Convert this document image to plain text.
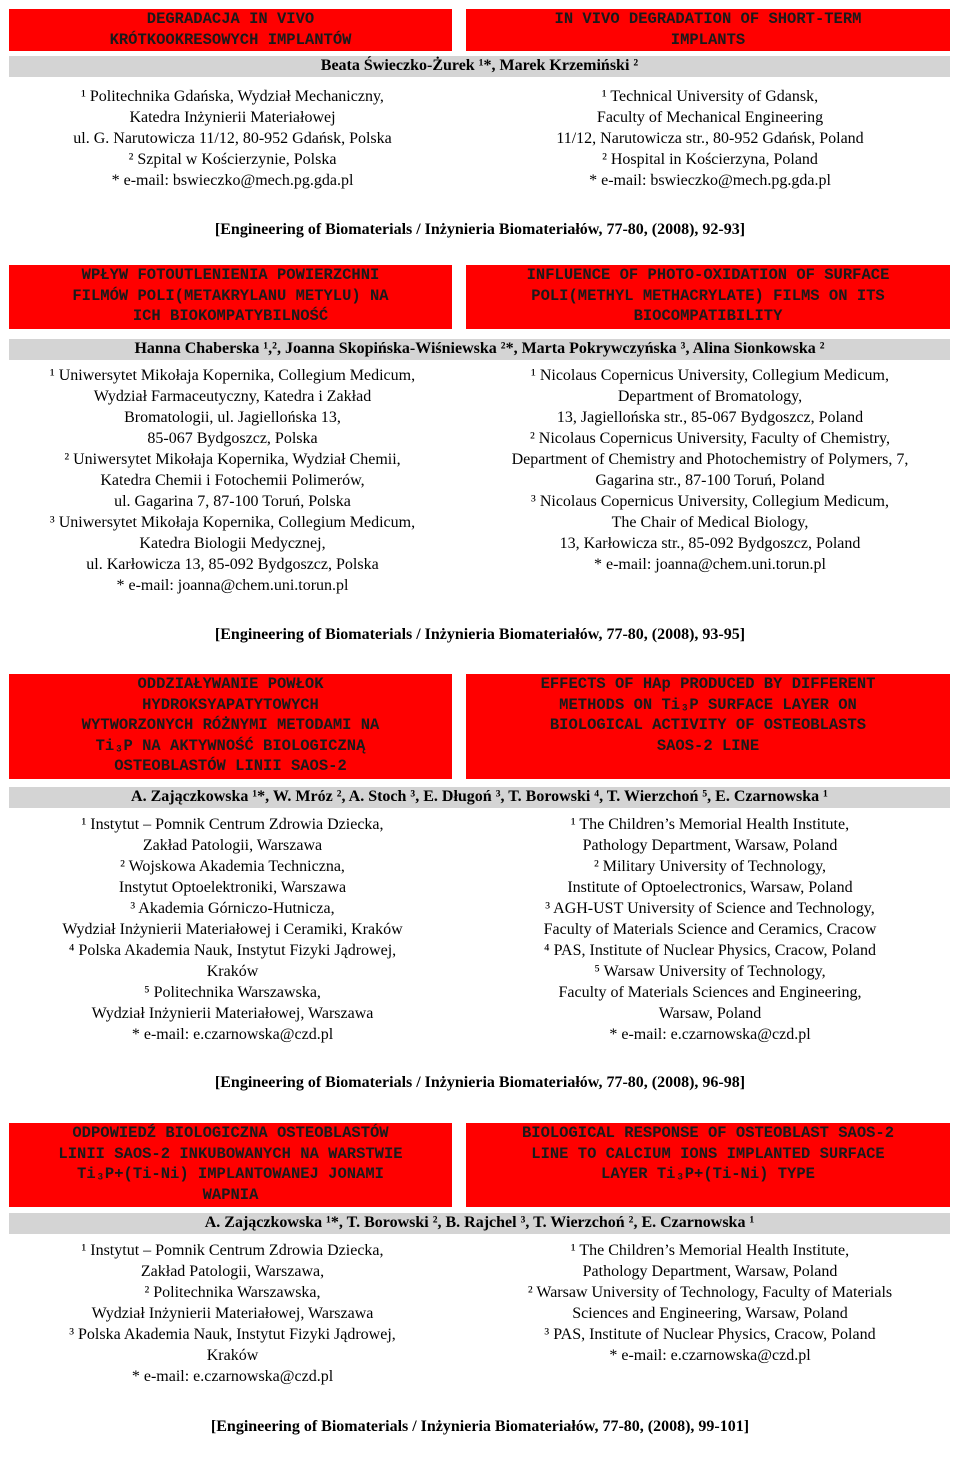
DEGRADACJA IN VIVO
KRÓTKOOKRESOWYCH IMPLANTÓW
IN VIVO DEGRADATION OF SHORT-TERM
IMPLANTS
Beata Świeczko-Żurek ¹*, Marek Krzemiński ²
¹ Politechnika Gdańska, Wydział Mechaniczny,
Katedra Inżynierii Materiałowej
ul. G. Narutowicza 11/12, 80-952 Gdańsk, Polska
² Szpital w Kościerzynie, Polska
* e-mail: bswieczko@mech.pg.gda.pl
¹ Technical University of Gdansk,
Faculty of Mechanical Engineering
11/12, Narutowicza str., 80-952 Gdańsk, Poland
² Hospital in Kościerzyna, Poland
* e-mail: bswieczko@mech.pg.gda.pl
[Engineering of Biomaterials / Inżynieria Biomateriałów, 77-80, (2008), 92-93]
WPŁYW FOTOUTLENIENIA POWIERZCHNI
FILMÓW POLI(METAKRYLANU METYLU) NA
ICH BIOKOMPATYBILNOŚĆ
INFLUENCE OF PHOTO-OXIDATION OF SURFACE
POLI(METHYL METHACRYLATE) FILMS ON ITS
BIOCOMPATIBILITY
Hanna Chaberska ¹,², Joanna Skopińska-Wiśniewska ²*, Marta Pokrywczyńska ³, Alina Sionkowska ²
¹ Uniwersytet Mikołaja Kopernika, Collegium Medicum,
Wydział Farmaceutyczny, Katedra i Zakład
Bromatologii, ul. Jagiellońska 13,
85-067 Bydgoszcz, Polska
² Uniwersytet Mikołaja Kopernika, Wydział Chemii,
Katedra Chemii i Fotochemii Polimerów,
ul. Gagarina 7, 87-100 Toruń, Polska
³ Uniwersytet Mikołaja Kopernika, Collegium Medicum,
Katedra Biologii Medycznej,
ul. Karłowicza 13, 85-092 Bydgoszcz, Polska
* e-mail: joanna@chem.uni.torun.pl
¹ Nicolaus Copernicus University, Collegium Medicum,
Department of Bromatology,
13, Jagiellońska str., 85-067 Bydgoszcz, Poland
² Nicolaus Copernicus University, Faculty of Chemistry,
Department of Chemistry and Photochemistry of Polymers, 7,
Gagarina str., 87-100 Toruń, Poland
³ Nicolaus Copernicus University, Collegium Medicum,
The Chair of Medical Biology,
13, Karłowicza str., 85-092 Bydgoszcz, Poland
* e-mail: joanna@chem.uni.torun.pl
[Engineering of Biomaterials / Inżynieria Biomateriałów, 77-80, (2008), 93-95]
ODDZIAŁYWANIE POWŁOK
HYDROKSYAPATYTOWYCH
WYTWORZONYCH RÓŻNYMI METODAMI NA
Ti₃P NA AKTYWNOŚĆ BIOLOGICZNĄ
OSTEOBLASTÓW LINII SAOS-2
EFFECTS OF HAp PRODUCED BY DIFFERENT
METHODS ON Ti₃P SURFACE LAYER ON
BIOLOGICAL ACTIVITY OF OSTEOBLASTS
SAOS-2 LINE
A. Zajączkowska ¹*, W. Mróz ², A. Stoch ³, E. Długoń ³, T. Borowski ⁴, T. Wierzchoń ⁵, E. Czarnowska ¹
¹ Instytut – Pomnik Centrum Zdrowia Dziecka,
Zakład Patologii, Warszawa
² Wojskowa Akademia Techniczna,
Instytut Optoelektroniki, Warszawa
³ Akademia Górniczo-Hutnicza,
Wydział Inżynierii Materiałowej i Ceramiki, Kraków
⁴ Polska Akademia Nauk, Instytut Fizyki Jądrowej,
Kraków
⁵ Politechnika Warszawska,
Wydział Inżynierii Materiałowej, Warszawa
* e-mail: e.czarnowska@czd.pl
¹ The Children’s Memorial Health Institute,
Pathology Department, Warsaw, Poland
² Military University of Technology,
Institute of Optoelectronics, Warsaw, Poland
³ AGH-UST University of Science and Technology,
Faculty of Materials Science and Ceramics, Cracow
⁴ PAS, Institute of Nuclear Physics, Cracow, Poland
⁵ Warsaw University of Technology,
Faculty of Materials Sciences and Engineering,
Warsaw, Poland
* e-mail: e.czarnowska@czd.pl
[Engineering of Biomaterials / Inżynieria Biomateriałów, 77-80, (2008), 96-98]
ODPOWIEDŹ BIOLOGICZNA OSTEOBLASTÓW
LINII SAOS-2 INKUBOWANYCH NA WARSTWIE
Ti₃P+(Ti-Ni) IMPLANTOWANEJ JONAMI
WAPNIA
BIOLOGICAL RESPONSE OF OSTEOBLAST SAOS-2
LINE TO CALCIUM IONS IMPLANTED SURFACE
LAYER Ti₃P+(Ti-Ni) TYPE
A. Zajączkowska ¹*, T. Borowski ², B. Rajchel ³, T. Wierzchoń ², E. Czarnowska ¹
¹ Instytut – Pomnik Centrum Zdrowia Dziecka,
Zakład Patologii, Warszawa,
² Politechnika Warszawska,
Wydział Inżynierii Materiałowej, Warszawa
³ Polska Akademia Nauk, Instytut Fizyki Jądrowej,
Kraków
* e-mail: e.czarnowska@czd.pl
¹ The Children’s Memorial Health Institute,
Pathology Department, Warsaw, Poland
² Warsaw University of Technology, Faculty of Materials
Sciences and Engineering, Warsaw, Poland
³ PAS, Institute of Nuclear Physics, Cracow, Poland
* e-mail: e.czarnowska@czd.pl
[Engineering of Biomaterials / Inżynieria Biomateriałów, 77-80, (2008), 99-101]
